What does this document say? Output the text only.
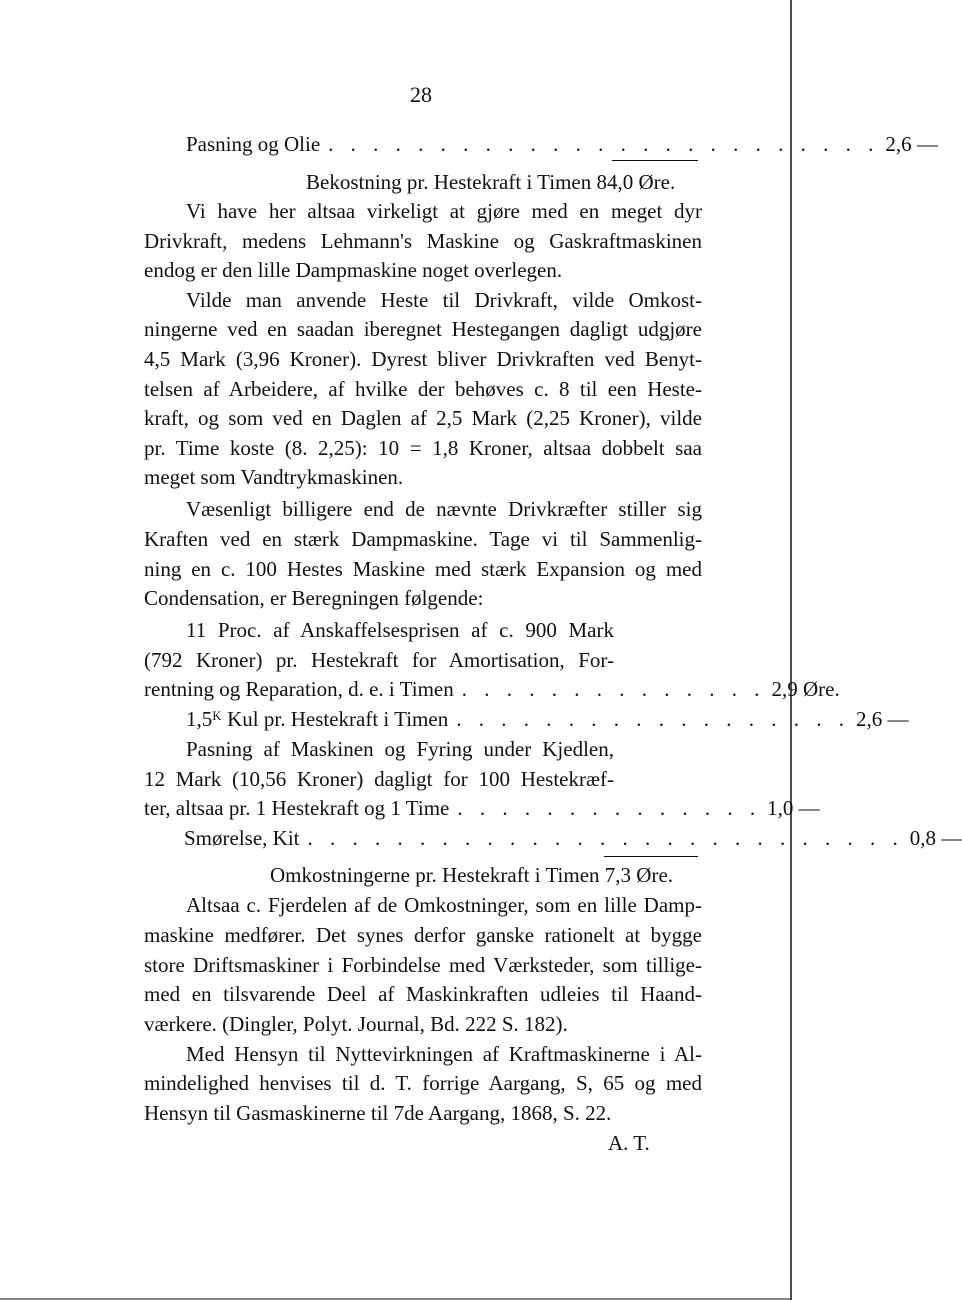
28
Pasning og Olie . . . . . . . . . . . . . . . . . . . . . . . . . 2,6 —
Bekostning pr. Hestekraft i Timen 84,0 Øre.
Vi have her altsaa virkeligt at gjøre med en meget dyr
Drivkraft, medens Lehmann's Maskine og Gaskraftmaskinen
endog er den lille Dampmaskine noget overlegen.
Vilde man anvende Heste til Drivkraft, vilde Omkost-
ningerne ved en saadan iberegnet Hestegangen dagligt udgjøre
4,5 Mark (3,96 Kroner). Dyrest bliver Drivkraften ved Benyt-
telsen af Arbeidere, af hvilke der behøves c. 8 til een Heste-
kraft, og som ved en Daglen af 2,5 Mark (2,25 Kroner), vilde
pr. Time koste (8. 2,25): 10 = 1,8 Kroner, altsaa dobbelt saa
meget som Vandtrykmaskinen.
Væsenligt billigere end de nævnte Drivkræfter stiller sig
Kraften ved en stærk Dampmaskine. Tage vi til Sammenlig-
ning en c. 100 Hestes Maskine med stærk Expansion og med
Condensation, er Beregningen følgende:
11 Proc. af Anskaffelsesprisen af c. 900 Mark
(792 Kroner) pr. Hestekraft for Amortisation, For-
rentning og Reparation, d. e. i Timen . . . . . . . . . . . . . . 2,9 Øre.
1,5ᴷ Kul pr. Hestekraft i Timen . . . . . . . . . . . . . . . . . . 2,6 —
Pasning af Maskinen og Fyring under Kjedlen,
12 Mark (10,56 Kroner) dagligt for 100 Hestekræf-
ter, altsaa pr. 1 Hestekraft og 1 Time . . . . . . . . . . . . . . 1,0 —
Smørelse, Kit . . . . . . . . . . . . . . . . . . . . . . . . . . . 0,8 —
Omkostningerne pr. Hestekraft i Timen 7,3 Øre.
Altsaa c. Fjerdelen af de Omkostninger, som en lille Damp-
maskine medfører. Det synes derfor ganske rationelt at bygge
store Driftsmaskiner i Forbindelse med Værksteder, som tillige-
med en tilsvarende Deel af Maskinkraften udleies til Haand-
værkere. (Dingler, Polyt. Journal, Bd. 222 S. 182).
Med Hensyn til Nyttevirkningen af Kraftmaskinerne i Al-
mindelighed henvises til d. T. forrige Aargang, S, 65 og med
Hensyn til Gasmaskinerne til 7de Aargang, 1868, S. 22.
A. T.
